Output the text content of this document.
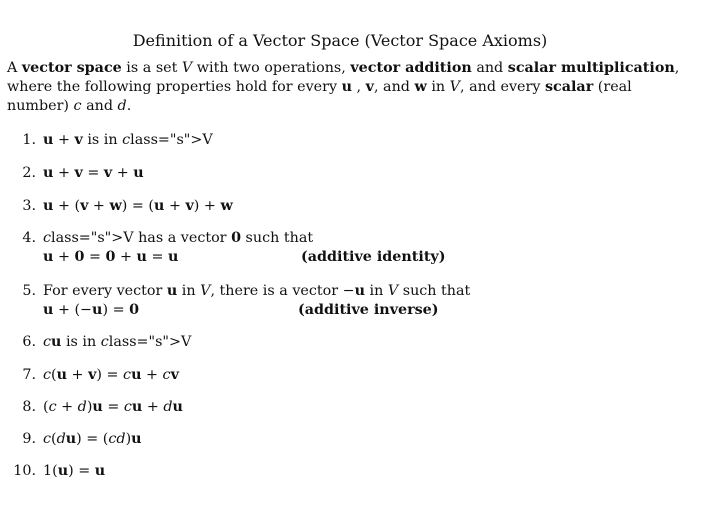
Definition of a Vector Space (Vector Space Axioms)
A vector space is a set V with two operations, vector addition and scalar multiplication, where the following properties hold for every u , v, and w in V, and every scalar (real number) c and d.
1. u + v is in class="s">V
2. u + v = v + u
3. u + (v + w) = (u + v) + w
4. class="s">V has a vector 0 such that
u + 0 = 0 + u = u	(additive identity)
5. For every vector u in V, there is a vector −u in V such that
u + (−u) = 0	(additive inverse)
6. cu is in class="s">V
7. c(u + v) = cu + cv
8. (c + d)u = cu + du
9. c(du) = (cd)u
10. 1(u) = u
